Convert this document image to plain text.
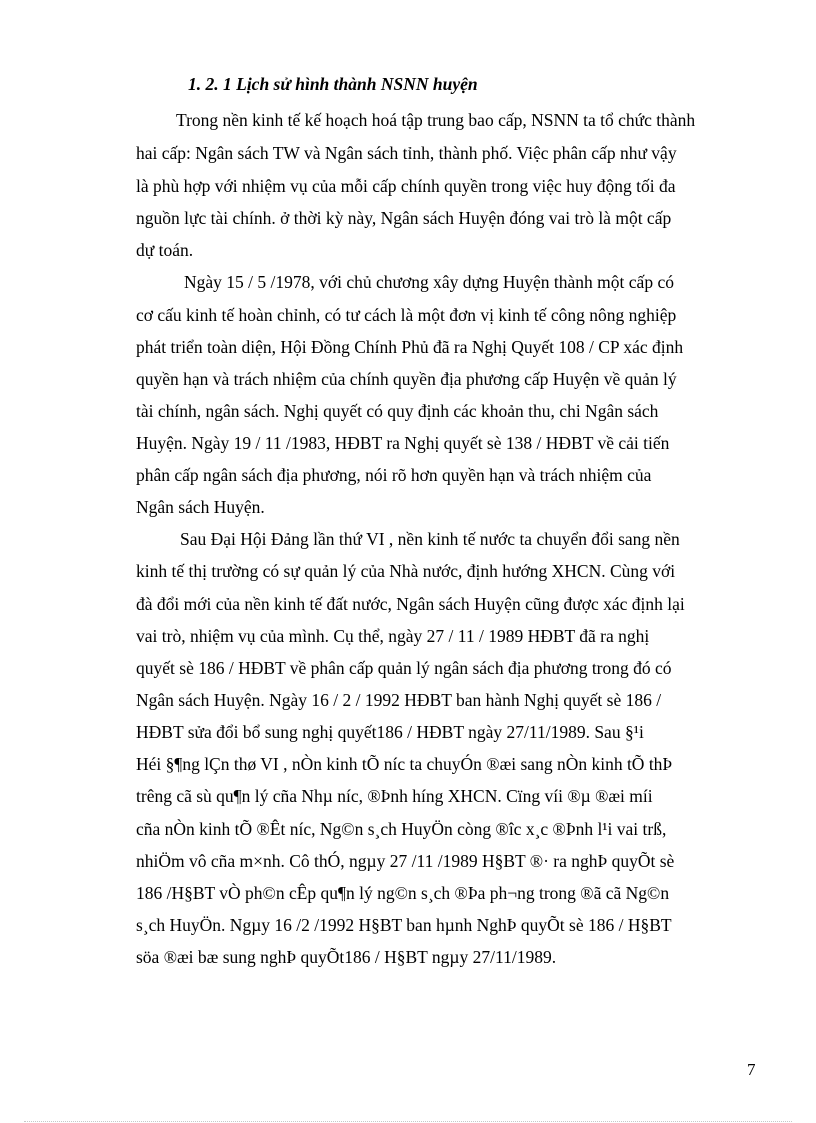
1. 2. 1 Lịch sử hình thành NSNN huyện
Trong nền kinh tế kế hoạch hoá tập trung bao cấp, NSNN ta tổ chức thành
hai cấp: Ngân sách TW và Ngân sách tỉnh, thành phố. Việc phân cấp như vậy
là phù hợp với nhiệm vụ của mỗi cấp chính quyền trong việc huy động tối đa
nguồn lực tài chính. ở thời kỳ này, Ngân sách Huyện đóng vai trò là một cấp
dự toán.
Ngày 15 / 5 /1978, với chủ chương xây dựng Huyện thành một cấp có
cơ cấu kinh tế hoàn chỉnh, có tư cách là một đơn vị kinh tế công nông nghiệp
phát triển toàn diện, Hội Đồng Chính Phủ đã ra Nghị Quyết 108 / CP xác định
quyền hạn và trách nhiệm của chính quyền địa phương cấp Huyện về quản lý
tài chính, ngân sách. Nghị quyết có quy định các khoản thu, chi Ngân sách
Huyện. Ngày 19 / 11 /1983, HĐBT ra Nghị quyết sè 138 / HĐBT về cải tiến
phân cấp ngân sách địa phương, nói rõ hơn quyền hạn và trách nhiệm của
Ngân sách Huyện.
Sau Đại Hội Đảng lần thứ VI , nền kinh tế nước ta chuyển đổi sang nền
kinh tế thị trường có sự quản lý của Nhà nước, định hướng XHCN. Cùng với
đà đổi mới của nền kinh tế đất nước, Ngân sách Huyện cũng được xác định lại
vai trò, nhiệm vụ của mình. Cụ thể, ngày 27 / 11 / 1989 HĐBT đã ra nghị
quyết sè 186 / HĐBT về phân cấp quản lý ngân sách địa phương trong đó có
Ngân sách Huyện. Ngày 16 / 2 / 1992 HĐBT ban hành Nghị quyết sè 186 /
HĐBT sửa đổi bổ sung nghị quyết186 / HĐBT ngày 27/11/1989. Sau §¹i
Héi §¶ng lÇn thø VI , nÒn kinh tÕ níc ta chuyÓn ®æi sang nÒn kinh tÕ thÞ
trêng cã sù qu¶n lý cña Nhµ níc, ®Þnh híng XHCN. Cïng víi ®µ ®æi míi
cña nÒn kinh tÕ ®Êt níc, Ng©n s¸ch HuyÖn còng ®îc x¸c ®Þnh l¹i vai trß,
nhiÖm vô cña m×nh. Cô thÓ, ngµy 27 /11 /1989 H§BT ®· ra nghÞ quyÕt sè
186 /H§BT vÒ ph©n cÊp qu¶n lý ng©n s¸ch ®Þa ph¬ng trong ®ã cã Ng©n
s¸ch HuyÖn. Ngµy 16 /2 /1992 H§BT ban hµnh NghÞ quyÕt sè 186 / H§BT
söa ®æi bæ sung nghÞ quyÕt186 / H§BT ngµy 27/11/1989.
7
